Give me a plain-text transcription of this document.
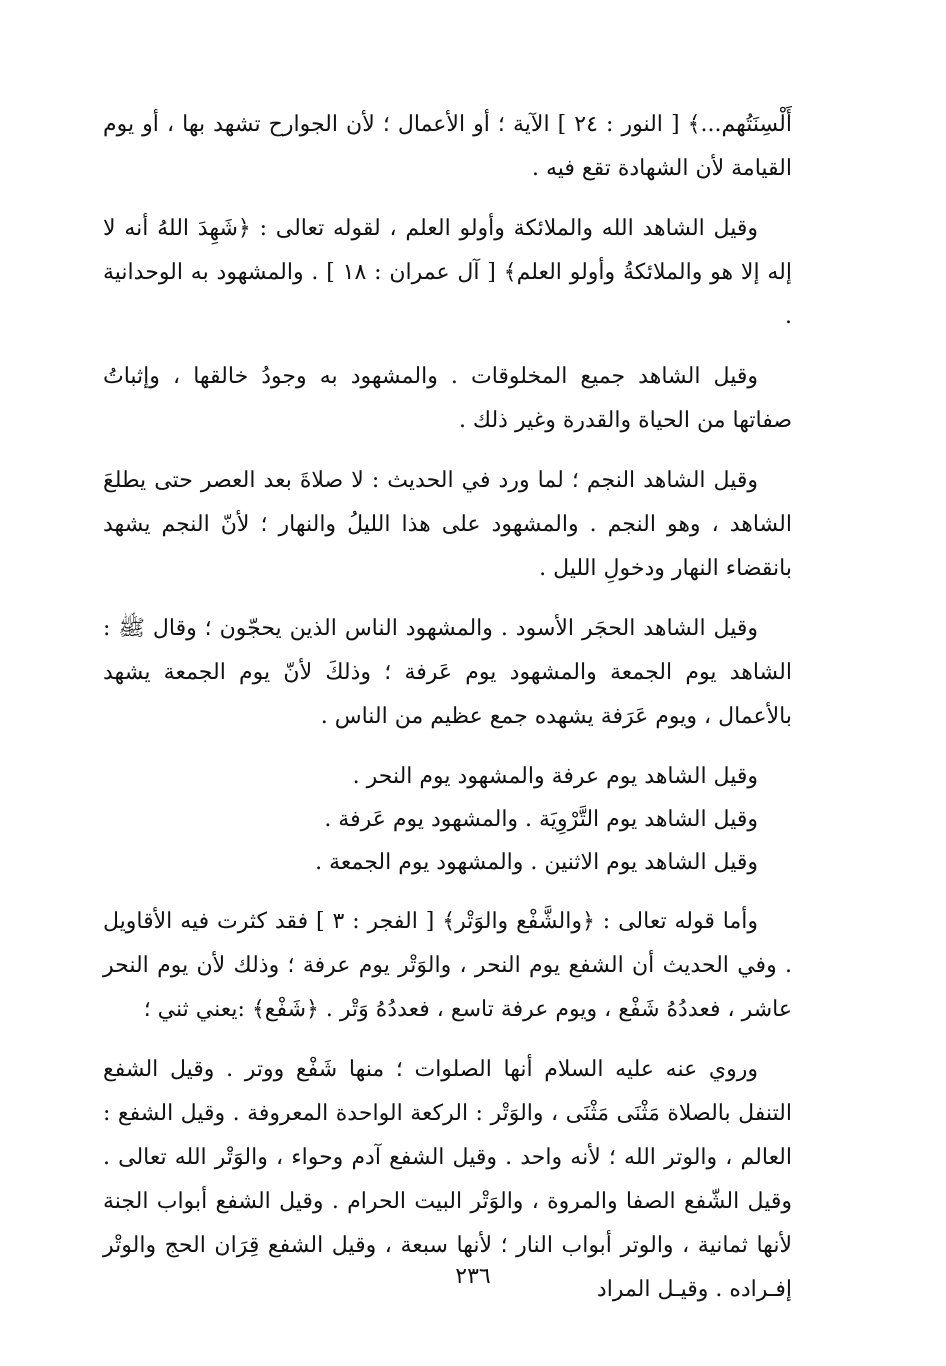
أَلْسِنَتُهم...﴾ [ النور : ٢٤ ] الآية ؛ أو الأعمال ؛ لأن الجوارح تشهد بها ، أو يوم القيامة لأن الشهادة تقع فيه .

وقيل الشاهد الله والملائكة وأولو العلم ، لقوله تعالى : ﴿شَهِدَ اللهُ أنه لا إله إلا هو والملائكةُ وأولو العلم﴾ [ آل عمران : ١٨ ] . والمشهود به الوحدانية .

وقيل الشاهد جميع المخلوقات . والمشهود به وجودُ خالقها ، وإثباتُ صفاتها من الحياة والقدرة وغير ذلك .

وقيل الشاهد النجم ؛ لما ورد في الحديث : لا صلاةَ بعد العصر حتى يطلعَ الشاهد ، وهو النجم . والمشهود على هذا الليلُ والنهار ؛ لأنّ النجم يشهد بانقضاء النهار ودخولِ الليل .

وقيل الشاهد الحجَر الأسود . والمشهود الناس الذين يحجّون ؛ وقال ﷺ : الشاهد يوم الجمعة والمشهود يوم عَرفة ؛ وذلكَ لأنّ يوم الجمعة يشهد بالأعمال ، ويوم عَرَفة يشهده جمع عظيم من الناس .

وقيل الشاهد يوم عرفة والمشهود يوم النحر .

وقيل الشاهد يوم التَّرْوِيَة . والمشهود يوم عَرفة .

وقيل الشاهد يوم الاثنين . والمشهود يوم الجمعة .

وأما قوله تعالى : ﴿والشَّفْع والوَتْر﴾ [ الفجر : ٣ ] فقد كثرت فيه الأقاويل . وفي الحديث أن الشفع يوم النحر ، والوَتْر يوم عرفة ؛ وذلك لأن يوم النحر عاشر ، فعددُهُ شَفْع ، ويوم عرفة تاسع ، فعددُهُ وَتْر . ﴿شَفْع﴾ :يعني ثني ؛

وروي عنه عليه السلام أنها الصلوات ؛ منها شَفْع ووتر . وقيل الشفع التنفل بالصلاة مَثْنَى مَثْنَى ، والوَتْر : الركعة الواحدة المعروفة . وقيل الشفع : العالم ، والوتر الله ؛ لأنه واحد . وقيل الشفع آدم وحواء ، والوَتْر الله تعالى . وقيل الشّفع الصفا والمروة ، والوَتْر البيت الحرام . وقيل الشفع أبواب الجنة لأنها ثمانية ، والوتر أبواب النار ؛ لأنها سبعة ، وقيل الشفع قِرَان الحج والوتْر إفـراده . وقيـل المراد

٢٣٦
